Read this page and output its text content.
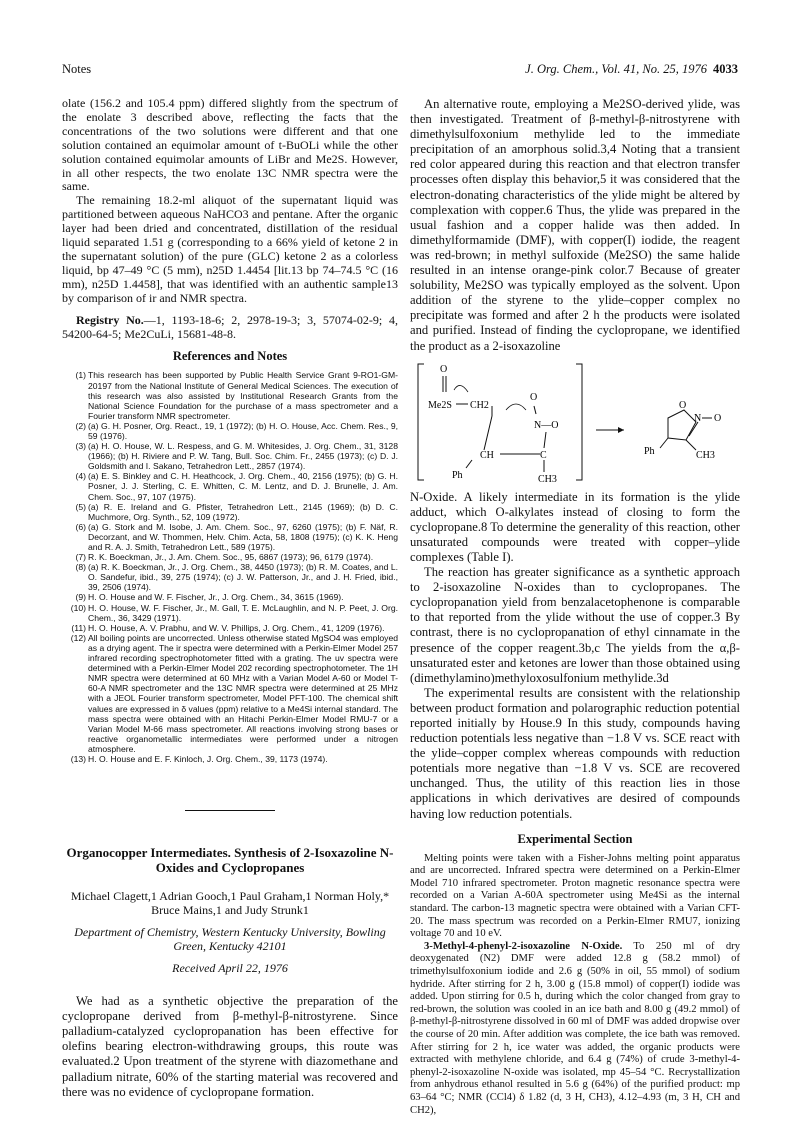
Notes	J. Org. Chem., Vol. 41, No. 25, 1976 4033

olate (156.2 and 105.4 ppm) differed slightly from the spectrum of the enolate 3 described above, reflecting the facts that the concentrations of the two solutions were different and that one solution contained an equimolar amount of t-BuOLi while the other solution contained equimolar amounts of LiBr and Me2S. However, in all other respects, the two enolate 13C NMR spectra were the same.

The remaining 18.2-ml aliquot of the supernatant liquid was partitioned between aqueous NaHCO3 and pentane. After the organic layer had been dried and concentrated, distillation of the residual liquid separated 1.51 g (corresponding to a 66% yield of ketone 2 in the supernatant solution) of the pure (GLC) ketone 2 as a colorless liquid, bp 47–49 °C (5 mm), n25D 1.4454 [lit.13 bp 74–74.5 °C (16 mm), n25D 1.4458], that was identified with an authentic sample13 by comparison of ir and NMR spectra.

Registry No.—1, 1193-18-6; 2, 2978-19-3; 3, 57074-02-9; 4, 54200-64-5; Me2CuLi, 15681-48-8.

References and Notes
(1) This research has been supported by Public Health Service Grant 9-RO1-GM-20197 from the National Institute of General Medical Sciences. The execution of this research was also assisted by Institutional Research Grants from the National Science Foundation for the purchase of a mass spectrometer and a Fourier transform NMR spectrometer.
(2) (a) G. H. Posner, Org. React., 19, 1 (1972); (b) H. O. House, Acc. Chem. Res., 9, 59 (1976).
(3) (a) H. O. House, W. L. Respess, and G. M. Whitesides, J. Org. Chem., 31, 3128 (1966); (b) H. Riviere and P. W. Tang, Bull. Soc. Chim. Fr., 2455 (1973); (c) D. J. Goldsmith and I. Sakano, Tetrahedron Lett., 2857 (1974).
(4) (a) E. S. Binkley and C. H. Heathcock, J. Org. Chem., 40, 2156 (1975); (b) G. H. Posner, J. J. Sterling, C. E. Whitten, C. M. Lentz, and D. J. Brunelle, J. Am. Chem. Soc., 97, 107 (1975).
(5) (a) R. E. Ireland and G. Pfister, Tetrahedron Lett., 2145 (1969); (b) D. C. Muchmore, Org. Synth., 52, 109 (1972).
(6) (a) G. Stork and M. Isobe, J. Am. Chem. Soc., 97, 6260 (1975); (b) F. Näf, R. Decorzant, and W. Thommen, Helv. Chim. Acta, 58, 1808 (1975); (c) K. K. Heng and R. A. J. Smith, Tetrahedron Lett., 589 (1975).
(7) R. K. Boeckman, Jr., J. Am. Chem. Soc., 95, 6867 (1973); 96, 6179 (1974).
(8) (a) R. K. Boeckman, Jr., J. Org. Chem., 38, 4450 (1973); (b) R. M. Coates, and L. O. Sandefur, ibid., 39, 275 (1974); (c) J. W. Patterson, Jr., and J. H. Fried, ibid., 39, 2506 (1974).
(9) H. O. House and W. F. Fischer, Jr., J. Org. Chem., 34, 3615 (1969).
(10) H. O. House, W. F. Fischer, Jr., M. Gall, T. E. McLaughlin, and N. P. Peet, J. Org. Chem., 36, 3429 (1971).
(11) H. O. House, A. V. Prabhu, and W. V. Phillips, J. Org. Chem., 41, 1209 (1976).
(12) All boiling points are uncorrected. Unless otherwise stated MgSO4 was employed as a drying agent. The ir spectra were determined with a Perkin-Elmer Model 257 infrared recording spectrophotometer fitted with a grating. The uv spectra were determined with a Perkin-Elmer Model 202 recording spectrophotometer. The 1H NMR spectra were determined at 60 MHz with a Varian Model A-60 or Model T-60-A NMR spectrometer and the 13C NMR spectra were determined at 25 MHz with a JEOL Fourier transform spectrometer, Model PFT-100. The chemical shift values are expressed in δ values (ppm) relative to a Me4Si internal standard. The mass spectra were obtained with an Hitachi Perkin-Elmer Model RMU-7 or a Varian Model M-66 mass spectrometer. All reactions involving strong bases or reactive organometallic intermediates were performed under a nitrogen atmosphere.
(13) H. O. House and E. F. Kinloch, J. Org. Chem., 39, 1173 (1974).
Organocopper Intermediates. Synthesis of 2-Isoxazoline N-Oxides and Cyclopropanes
Michael Clagett,1 Adrian Gooch,1 Paul Graham,1 Norman Holy,* Bruce Mains,1 and Judy Strunk1
Department of Chemistry, Western Kentucky University, Bowling Green, Kentucky 42101
Received April 22, 1976

We had as a synthetic objective the preparation of the cyclopropane derived from β-methyl-β-nitrostyrene. Since palladium-catalyzed cyclopropanation has been effective for olefins bearing electron-withdrawing groups, this route was evaluated.2 Upon treatment of the styrene with diazomethane and palladium nitrate, 60% of the starting material was recovered and there was no evidence of cyclopropane formation.

An alternative route, employing a Me2SO-derived ylide, was then investigated. Treatment of β-methyl-β-nitrostyrene with dimethylsulfoxonium methylide led to the immediate precipitation of an amorphous solid.3,4 Noting that a transient red color appeared during this reaction and that electron transfer processes often display this behavior,5 it was considered that the electron-donating characteristics of the ylide might be altered by complexation with copper.6 Thus, the ylide was prepared in the usual fashion and a copper halide was then added. In dimethylformamide (DMF), with copper(I) iodide, the reagent was red-brown; in methyl sulfoxide (Me2SO) the same halide resulted in an intense orange-pink color.7 Because of greater solubility, Me2SO was typically employed as the solvent. Upon addition of the styrene to the ylide–copper complex no precipitate was formed and after 2 h the products were isolated and purified. Instead of finding the cyclopropane, we identified the product as a 2-isoxazoline

O
Me2S CH2
O
N—O
CH	C
Ph	CH3
O
N O
Ph	CH3

N-Oxide. A likely intermediate in its formation is the ylide adduct, which O-alkylates instead of closing to form the cyclopropane.8 To determine the generality of this reaction, other unsaturated compounds were treated with copper–ylide complexes (Table I).

The reaction has greater significance as a synthetic approach to 2-isoxazoline N-oxides than to cyclopropanes. The cyclopropanation yield from benzalacetophenone is comparable to that reported from the ylide without the use of copper.3 By contrast, there is no cyclopropanation of ethyl cinnamate in the presence of the copper reagent.3b,c The yields from the α,β-unsaturated ester and ketones are lower than those obtained using (dimethylamino)methyloxosulfonium methylide.3d

The experimental results are consistent with the relationship between product formation and polarographic reduction potential reported initially by House.9 In this study, compounds having reduction potentials less negative than −1.8 V vs. SCE react with the ylide–copper complex whereas compounds with reduction potentials more negative than −1.8 V vs. SCE are recovered unchanged. Thus, the utility of this reaction lies in those applications in which derivatives are desired of compounds having low reduction potentials.

Experimental Section

Melting points were taken with a Fisher-Johns melting point apparatus and are uncorrected. Infrared spectra were determined on a Perkin-Elmer Model 710 infrared spectrometer. Proton magnetic resonance spectra were recorded on a Varian A-60A spectrometer using Me4Si as the internal standard. The carbon-13 magnetic spectra were obtained with a Varian CFT-20. The mass spectrum was recorded on a Perkin-Elmer RMU7, ionizing voltage 70 and 10 eV.

3-Methyl-4-phenyl-2-isoxazoline N-Oxide. To 250 ml of dry deoxygenated (N2) DMF were added 12.8 g (58.2 mmol) of trimethylsulfoxonium iodide and 2.6 g (50% in oil, 55 mmol) of sodium hydride. After stirring for 2 h, 3.00 g (15.8 mmol) of copper(I) iodide was added. Upon stirring for 0.5 h, during which the color changed from gray to red-brown, the solution was cooled in an ice bath and 8.00 g (49.2 mmol) of β-methyl-β-nitrostyrene dissolved in 60 ml of DMF was added dropwise over the course of 20 min. After addition was complete, the ice bath was removed. After stirring for 2 h, ice water was added, the organic products were extracted with methylene chloride, and 6.4 g (74%) of crude 3-methyl-4-phenyl-2-isoxazoline N-oxide was isolated, mp 45–54 °C. Recrystallization from anhydrous ethanol resulted in 5.6 g (64%) of the purified product: mp 63–64 °C; NMR (CCl4) δ 1.82 (d, 3 H, CH3), 4.12–4.93 (m, 3 H, CH and CH2),
